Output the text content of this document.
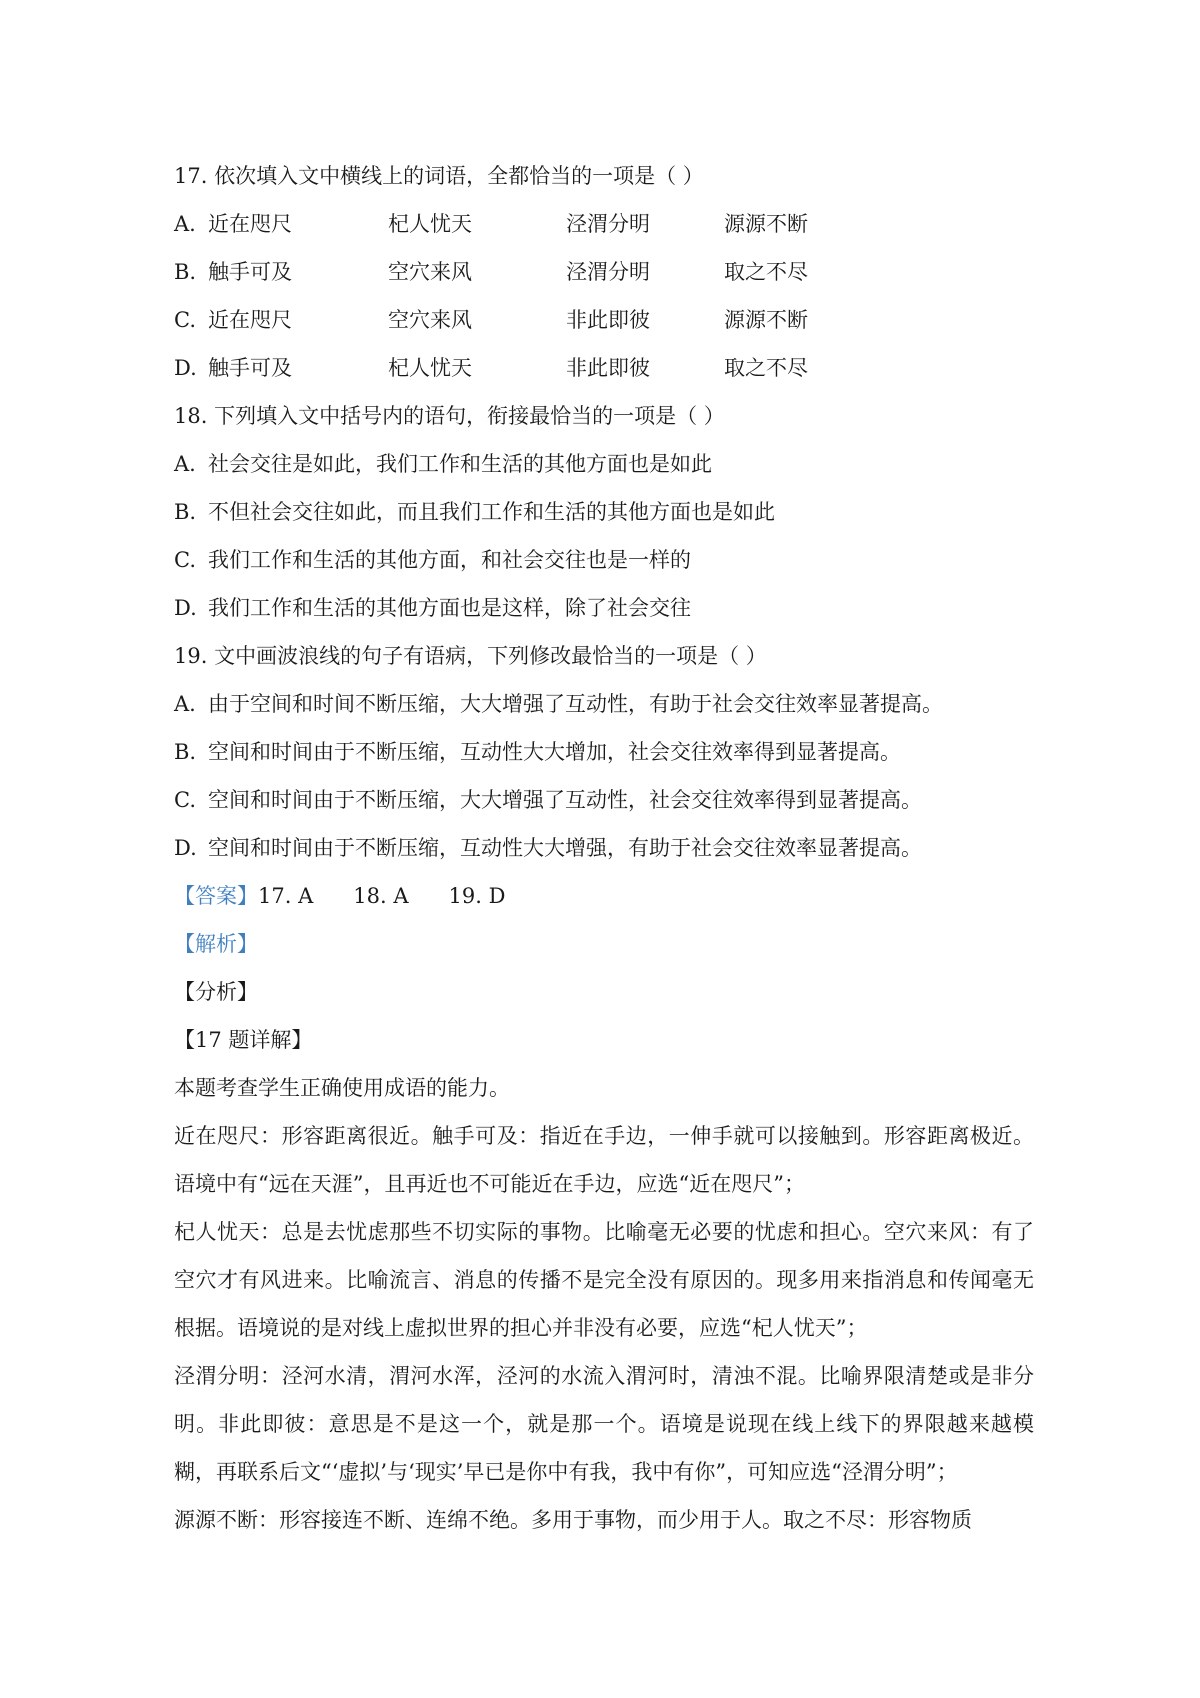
17. 依次填入文中横线上的词语，全都恰当的一项是（ ）
A. 近在咫尺	杞人忧天	泾渭分明	源源不断
B. 触手可及	空穴来风	泾渭分明	取之不尽
C. 近在咫尺	空穴来风	非此即彼	源源不断
D. 触手可及	杞人忧天	非此即彼	取之不尽
18. 下列填入文中括号内的语句，衔接最恰当的一项是（ ）
A. 社会交往是如此，我们工作和生活的其他方面也是如此
B. 不但社会交往如此，而且我们工作和生活的其他方面也是如此
C. 我们工作和生活的其他方面，和社会交往也是一样的
D. 我们工作和生活的其他方面也是这样，除了社会交往
19. 文中画波浪线的句子有语病，下列修改最恰当的一项是（ ）
A. 由于空间和时间不断压缩，大大增强了互动性，有助于社会交往效率显著提高。
B. 空间和时间由于不断压缩，互动性大大增加，社会交往效率得到显著提高。
C. 空间和时间由于不断压缩，大大增强了互动性，社会交往效率得到显著提高。
D. 空间和时间由于不断压缩，互动性大大增强，有助于社会交往效率显著提高。
【答案】17. A 18. A 19. D
【解析】
【分析】
【17 题详解】
本题考查学生正确使用成语的能力。
近在咫尺：形容距离很近。触手可及：指近在手边，一伸手就可以接触到。形容距离极近。语境中有“远在天涯”，且再近也不可能近在手边，应选“近在咫尺”；
杞人忧天：总是去忧虑那些不切实际的事物。比喻毫无必要的忧虑和担心。空穴来风：有了空穴才有风进来。比喻流言、消息的传播不是完全没有原因的。现多用来指消息和传闻毫无根据。语境说的是对线上虚拟世界的担心并非没有必要，应选“杞人忧天”；
泾渭分明：泾河水清，渭河水浑，泾河的水流入渭河时，清浊不混。比喻界限清楚或是非分明。非此即彼：意思是不是这一个，就是那一个。语境是说现在线上线下的界限越来越模糊，再联系后文“‘虚拟’与‘现实’早已是你中有我，我中有你”，可知应选“泾渭分明”；
源源不断：形容接连不断、连绵不绝。多用于事物，而少用于人。取之不尽：形容物质
